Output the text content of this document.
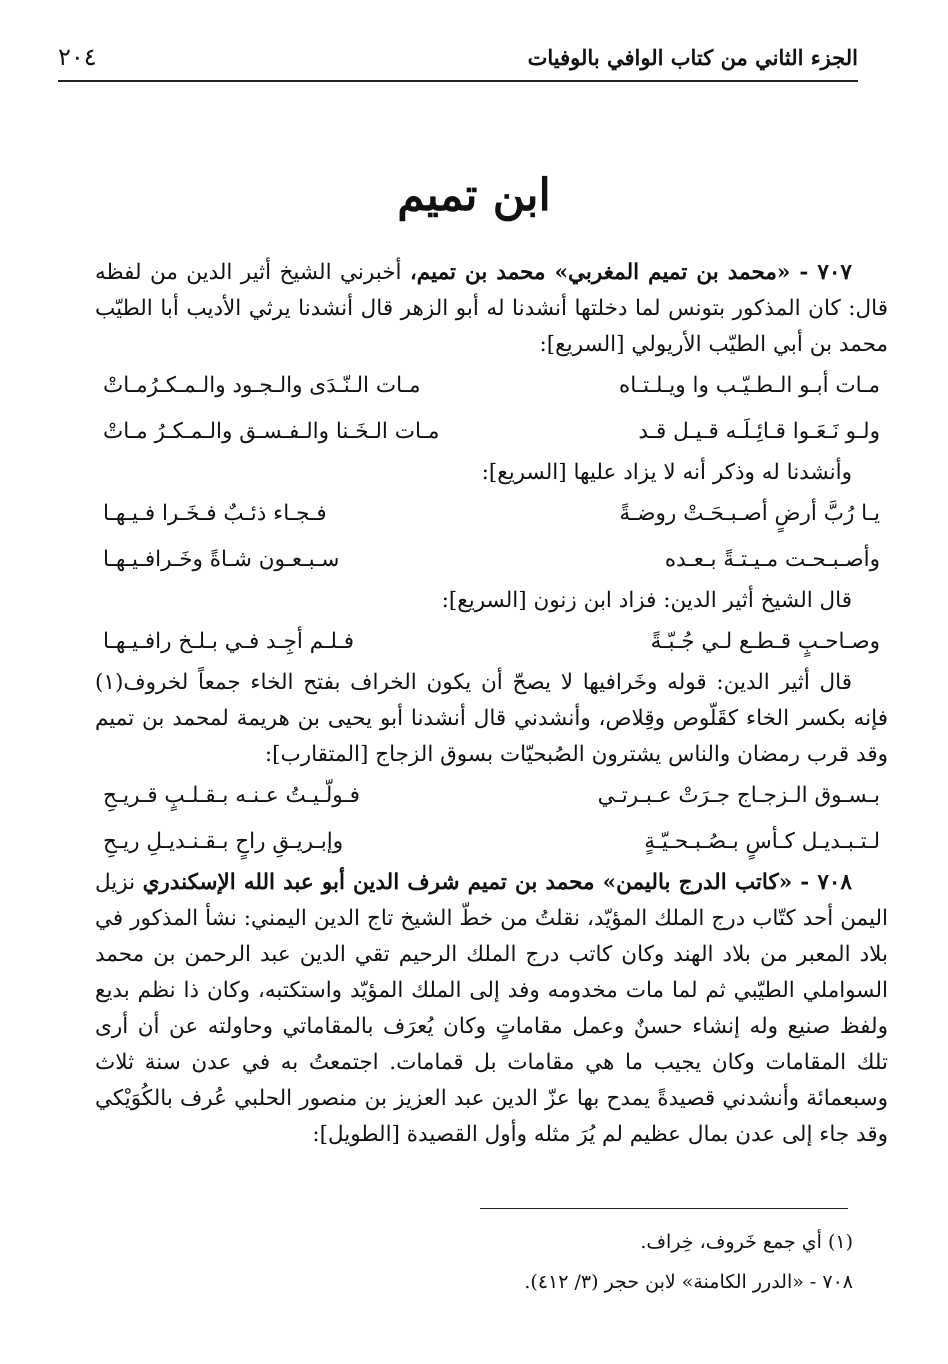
الجزء الثاني من كتاب الوافي بالوفيات
٢٠٤
ابن تميم

٧٠٧ - «محمد بن تميم المغربي» محمد بن تميم، أخبرني الشيخ أثير الدين من لفظه قال: كان المذكور بتونس لما دخلتها أنشدنا له أبو الزهر قال أنشدنا يرثي الأديب أبا الطيّب محمد بن أبي الطيّب الأريولي [السريع]:

مـات أبـو الـطـيّـب وا ويـلـتـاه
مـات الـنّـدَى والـجـود والـمـكـرُمـاتْ
ولـو نَـعَـوا قـائِـلَـه قـيـل قـد
مـات الـخَـنا والـفـسـق والـمـكـرُ مـاتْ

وأنشدنا له وذكر أنه لا يزاد عليها [السريع]:

يـا رُبَّ أرضٍ أصـبـحَـتْ روضـةً
فـجـاء ذئـبٌ فـخَـرا فـيـهـا
وأصـبـحـت مـيـتـةً بـعـده
سـبـعـون شـاةً وخَـرافـيـهـا

قال الشيخ أثير الدين: فزاد ابن زنون [السريع]:

وصـاحـبٍ قـطـع لـي جُـبّـةً
فـلـم أجِـد فـي بـلـخ رافـيـهـا

قال أثير الدين: قوله وخَرافيها لا يصحّ أن يكون الخراف بفتح الخاء جمعاً لخروف(١) فإنه بكسر الخاء كقَلّوص وقِلاص، وأنشدني قال أنشدنا أبو يحيى بن هريمة لمحمد بن تميم وقد قرب رمضان والناس يشترون الصُبحيّات بسوق الزجاج [المتقارب]:

بـسـوق الـزجـاج جـرَتْ عـبـرتـي
فـولّـيـتُ عـنـه بـقـلـبٍ قـريـحِ
لـتـبـديـل كـأسٍ بـصُـبـحـيّـةٍ
وإبـريـقِ راحٍ بـقـنـديـلِ ريـحِ

٧٠٨ - «كاتب الدرج باليمن» محمد بن تميم شرف الدين أبو عبد الله الإسكندري نزيل اليمن أحد كتّاب درج الملك المؤيّد، نقلتُ من خطّ الشيخ تاج الدين اليمني: نشأ المذكور في بلاد المعبر من بلاد الهند وكان كاتب درج الملك الرحيم تقي الدين عبد الرحمن بن محمد السواملي الطيّبي ثم لما مات مخدومه وفد إلى الملك المؤيّد واستكتبه، وكان ذا نظم بديع ولفظ صنيع وله إنشاء حسنٌ وعمل مقاماتٍ وكان يُعرَف بالمقاماتي وحاولته عن أن أرى تلك المقامات وكان يجيب ما هي مقامات بل قمامات. اجتمعتُ به في عدن سنة ثلاث وسبعمائة وأنشدني قصيدةً يمدح بها عزّ الدين عبد العزيز بن منصور الحلبي عُرف بالكُوَيْكي وقد جاء إلى عدن بمال عظيم لم يُرَ مثله وأول القصيدة [الطويل]:

(١) أي جمع خَروف، خِراف.

٧٠٨ - «الدرر الكامنة» لابن حجر (٣/ ٤١٢).
